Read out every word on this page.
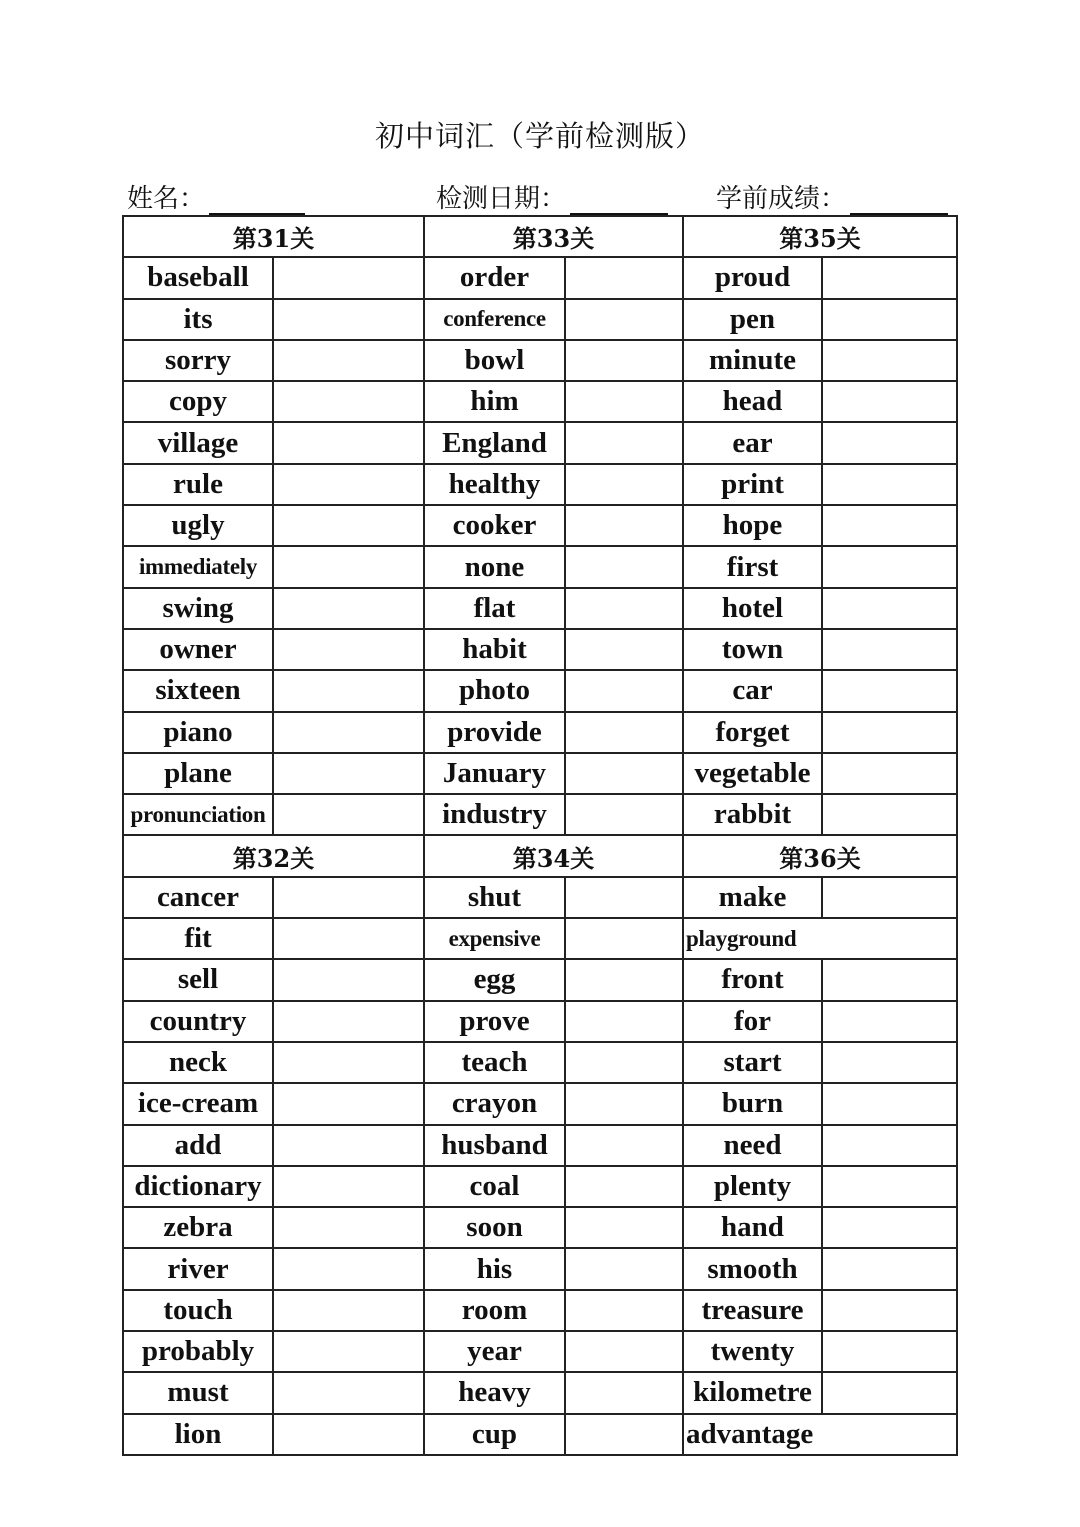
初中词汇（学前检测版）
姓名：	检测日期：	学前成绩：
第31关		第33关		第35关	
baseball		order		proud	
its		conference		pen	
sorry		bowl		minute	
copy		him		head	
village		England		ear	
rule		healthy		print	
ugly		cooker		hope	
immediately		none		first	
swing		flat		hotel	
owner		habit		town	
sixteen		photo		car	
piano		provide		forget	
plane		January		vegetable	
pronunciation		industry		rabbit	
第32关		第34关		第36关	
cancer		shut		make	
fit		expensive		playground	
sell		egg		front	
country		prove		for	
neck		teach		start	
ice-cream		crayon		burn	
add		husband		need	
dictionary		coal		plenty	
zebra		soon		hand	
river		his		smooth	
touch		room		treasure	
probably		year		twenty	
must		heavy		kilometre	
lion		cup		advantage	
